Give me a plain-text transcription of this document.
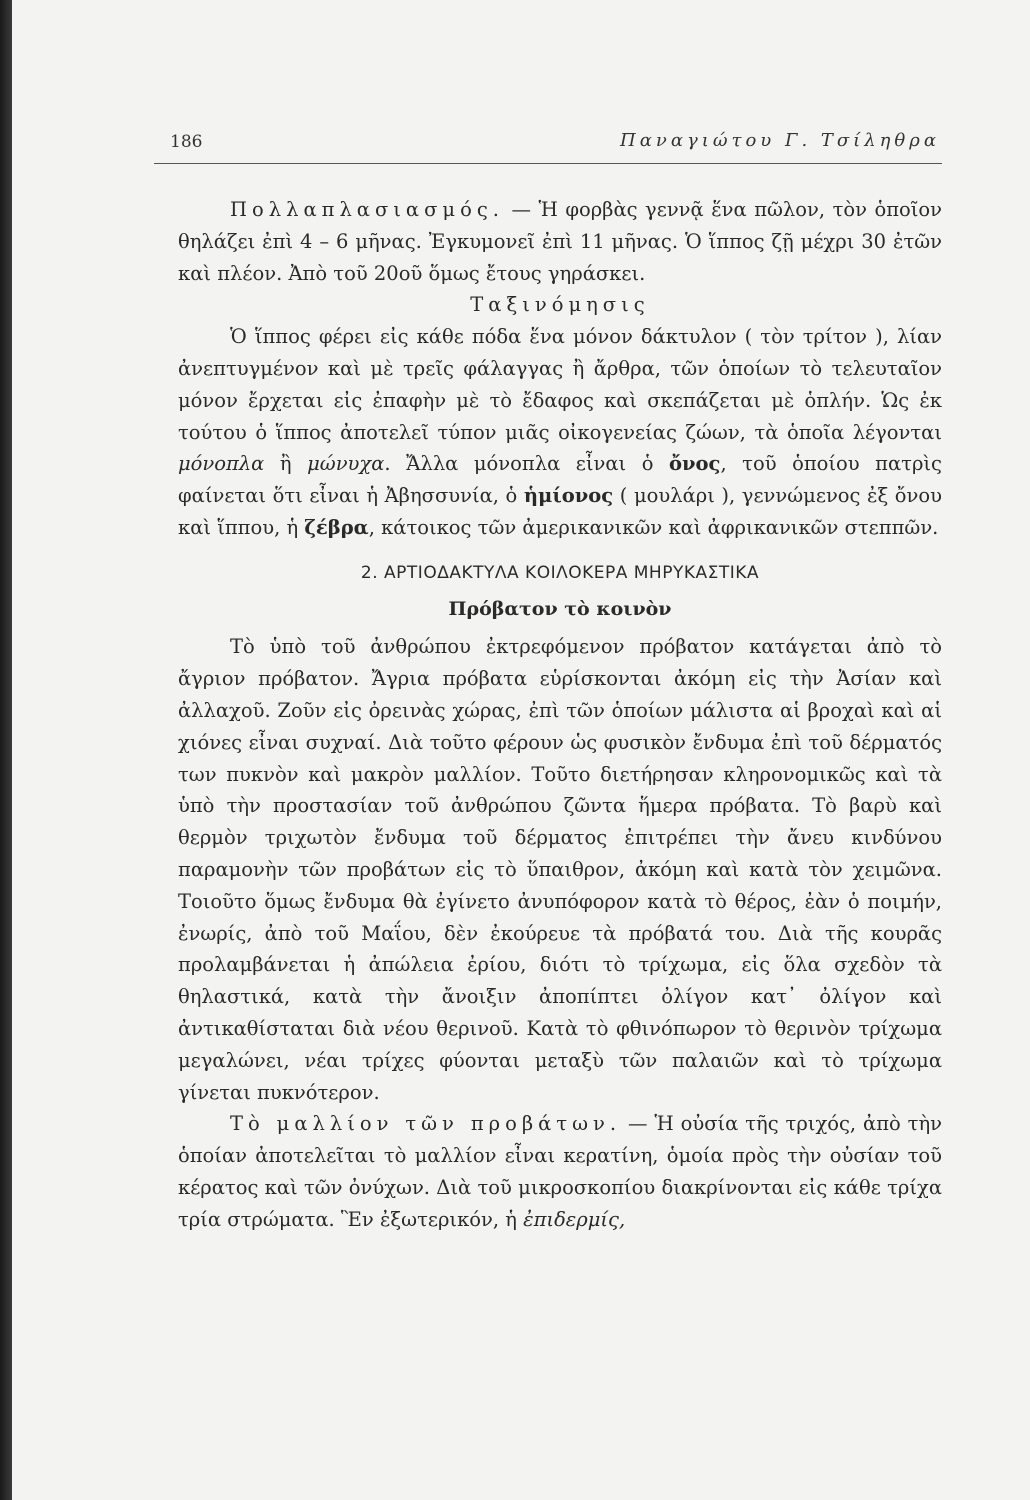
186	Παναγιώτου Γ. Τσίληθρα

Πολλαπλασιασμός. — Ἡ φορβὰς γεννᾷ ἕνα πῶλον, τὸν ὁποῖον θηλάζει ἐπὶ 4 – 6 μῆνας. Ἐγκυμονεῖ ἐπὶ 11 μῆνας. Ὁ ἵππος ζῇ μέχρι 30 ἐτῶν καὶ πλέον. Ἀπὸ τοῦ 20οῦ ὅμως ἔτους γηράσκει.

Ταξινόμησις

Ὁ ἵππος φέρει εἰς κάθε πόδα ἕνα μόνον δάκτυλον ( τὸν τρίτον ), λίαν ἀνεπτυγμένον καὶ μὲ τρεῖς φάλαγγας ἢ ἄρθρα, τῶν ὁποίων τὸ τελευταῖον μόνον ἔρχεται εἰς ἐπαφὴν μὲ τὸ ἔδαφος καὶ σκεπάζεται μὲ ὁπλήν. Ὡς ἐκ τούτου ὁ ἵππος ἀποτελεῖ τύπον μιᾶς οἰκογενείας ζώων, τὰ ὁποῖα λέγονται μόνοπλα ἢ μώνυχα. Ἄλλα μόνοπλα εἶναι ὁ ὄνος, τοῦ ὁποίου πατρὶς φαίνεται ὅτι εἶναι ἡ Ἀβησσυνία, ὁ ἡμίονος ( μουλάρι ), γεννώμενος ἐξ ὄνου καὶ ἵππου, ἡ ζέβρα, κάτοικος τῶν ἀμερικανικῶν καὶ ἀφρικανικῶν στεππῶν.

2. ΑΡΤΙΟΔΑΚΤΥΛΑ ΚΟΙΛΟΚΕΡΑ ΜΗΡΥΚΑΣΤΙΚΑ
Πρόβατον τὸ κοινὸν

Τὸ ὑπὸ τοῦ ἀνθρώπου ἐκτρεφόμενον πρόβατον κατάγεται ἀπὸ τὸ ἄγριον πρόβατον. Ἄγρια πρόβατα εὑρίσκονται ἀκόμη εἰς τὴν Ἀσίαν καὶ ἀλλαχοῦ. Ζοῦν εἰς ὀρεινὰς χώρας, ἐπὶ τῶν ὁποίων μάλιστα αἱ βροχαὶ καὶ αἱ χιόνες εἶναι συχναί. Διὰ τοῦτο φέρουν ὡς φυσικὸν ἔνδυμα ἐπὶ τοῦ δέρματός των πυκνὸν καὶ μακρὸν μαλλίον. Τοῦτο διετήρησαν κληρονομικῶς καὶ τὰ ὑπὸ τὴν προστασίαν τοῦ ἀνθρώπου ζῶντα ἥμερα πρόβατα. Τὸ βαρὺ καὶ θερμὸν τριχωτὸν ἔνδυμα τοῦ δέρματος ἐπιτρέπει τὴν ἄνευ κινδύνου παραμονὴν τῶν προβάτων εἰς τὸ ὕπαιθρον, ἀκόμη καὶ κατὰ τὸν χειμῶνα. Τοιοῦτο ὅμως ἔνδυμα θὰ ἐγίνετο ἀνυπόφορον κατὰ τὸ θέρος, ἐὰν ὁ ποιμήν, ἐνωρίς, ἀπὸ τοῦ Μαΐου, δὲν ἐκούρευε τὰ πρόβατά του. Διὰ τῆς κουρᾶς προλαμβάνεται ἡ ἀπώλεια ἐρίου, διότι τὸ τρίχωμα, εἰς ὅλα σχεδὸν τὰ θηλαστικά, κατὰ τὴν ἄνοιξιν ἀποπίπτει ὀλίγον κατ᾽ ὀλίγον καὶ ἀντικαθίσταται διὰ νέου θερινοῦ. Κατὰ τὸ φθινόπωρον τὸ θερινὸν τρίχωμα μεγαλώνει, νέαι τρίχες φύονται μεταξὺ τῶν παλαιῶν καὶ τὸ τρίχωμα γίνεται πυκνότερον.

Τὸ μαλλίον τῶν προβάτων. — Ἡ οὐσία τῆς τριχός, ἀπὸ τὴν ὁποίαν ἀποτελεῖται τὸ μαλλίον εἶναι κερατίνη, ὁμοία πρὸς τὴν οὐσίαν τοῦ κέρατος καὶ τῶν ὀνύχων. Διὰ τοῦ μικροσκοπίου διακρίνονται εἰς κάθε τρίχα τρία στρώματα. Ἓν ἐξωτερικόν, ἡ ἐπιδερμίς,
